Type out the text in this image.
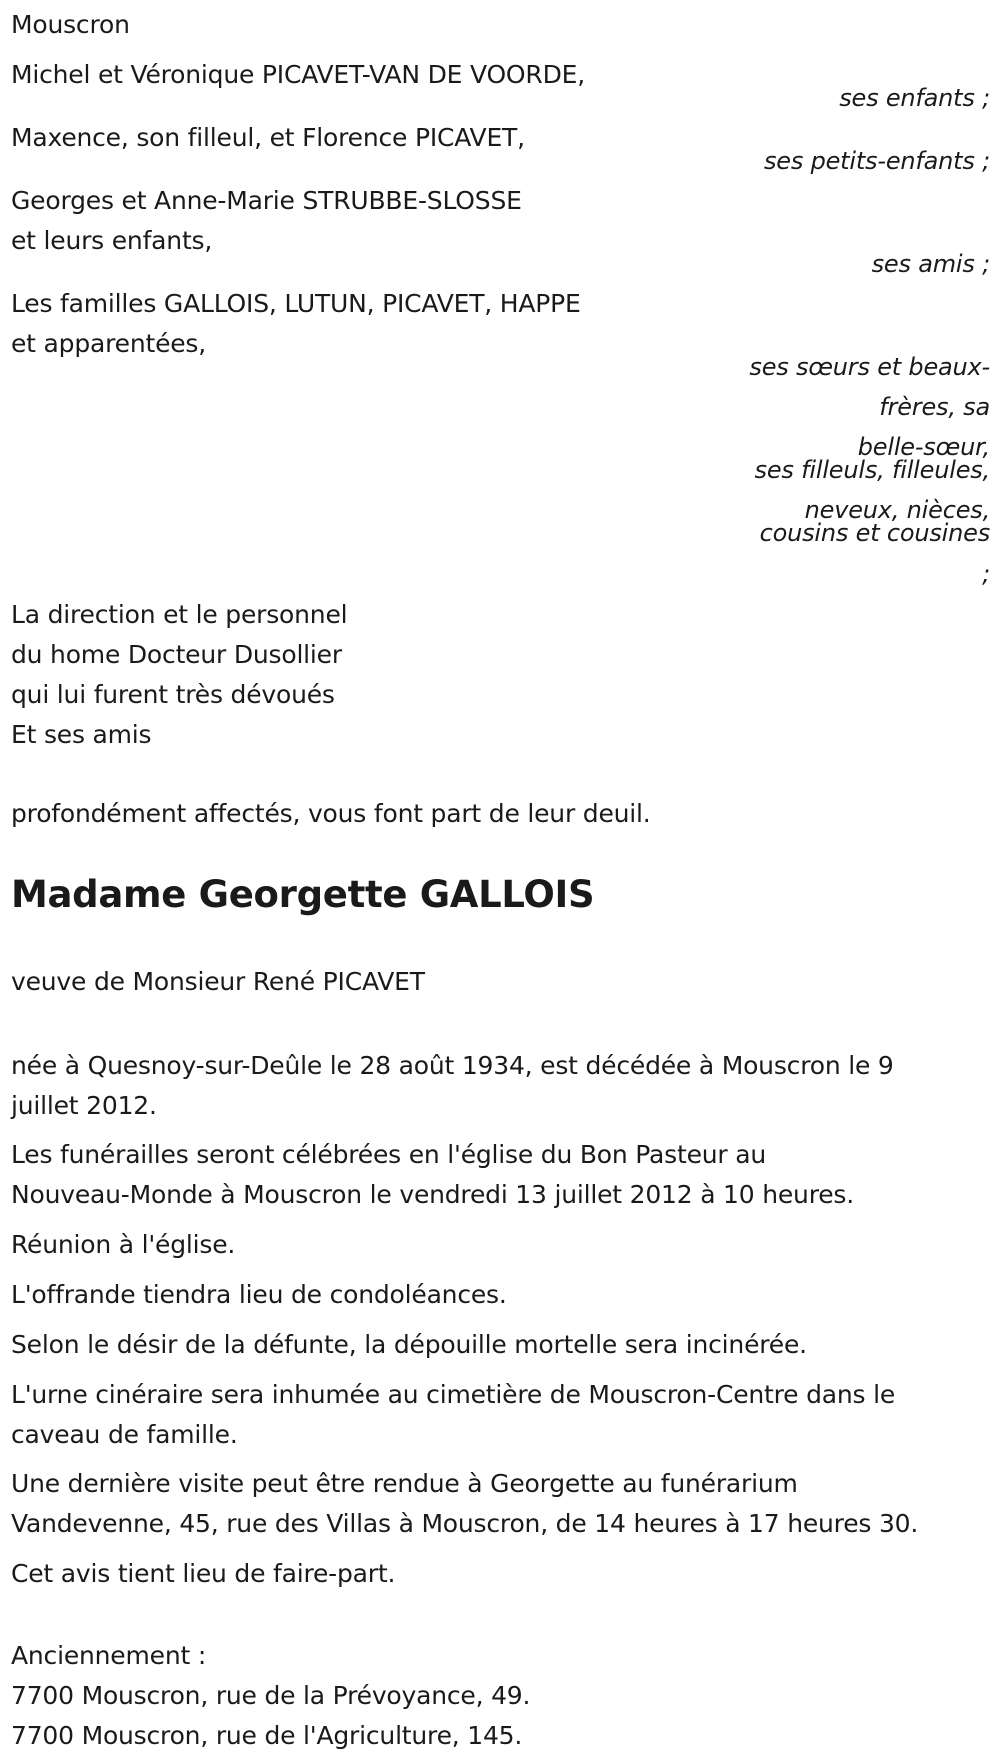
Mouscron
Michel et Véronique PICAVET-VAN DE VOORDE,
ses enfants ;
Maxence, son filleul, et Florence PICAVET,
ses petits-enfants ;
Georges et Anne-Marie STRUBBE-SLOSSE
et leurs enfants,
ses amis ;
Les familles GALLOIS, LUTUN, PICAVET, HAPPE
et apparentées,
ses sœurs et beaux-
frères, sa
belle-sœur,
ses filleuls, filleules,
neveux, nièces,
cousins et cousines
;
La direction et le personnel
du home Docteur Dusollier
qui lui furent très dévoués
Et ses amis
profondément affectés, vous font part de leur deuil.
Madame Georgette GALLOIS
veuve de Monsieur René PICAVET
née à Quesnoy-sur-Deûle le 28 août 1934, est décédée à Mouscron le 9
juillet 2012.
Les funérailles seront célébrées en l'église du Bon Pasteur au
Nouveau-Monde à Mouscron le vendredi 13 juillet 2012 à 10 heures.
Réunion à l'église.
L'offrande tiendra lieu de condoléances.
Selon le désir de la défunte, la dépouille mortelle sera incinérée.
L'urne cinéraire sera inhumée au cimetière de Mouscron-Centre dans le
caveau de famille.
Une dernière visite peut être rendue à Georgette au funérarium
Vandevenne, 45, rue des Villas à Mouscron, de 14 heures à 17 heures 30.
Cet avis tient lieu de faire-part.
Anciennement :
7700 Mouscron, rue de la Prévoyance, 49.
7700 Mouscron, rue de l'Agriculture, 145.
